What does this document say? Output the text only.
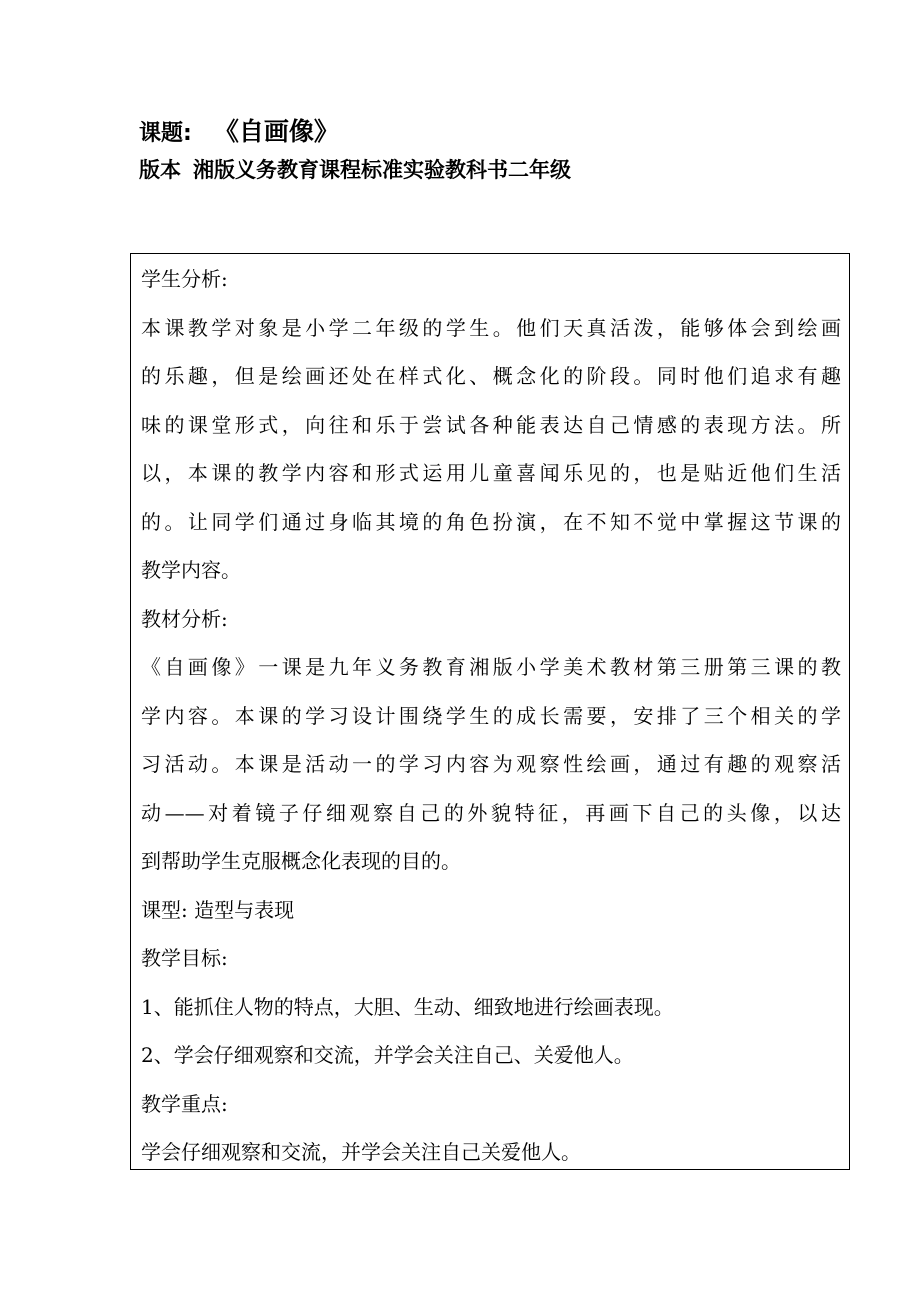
课题: 《自画像》
版本 湘版义务教育课程标准实验教科书二年级
学生分析:
本课教学对象是小学二年级的学生。他们天真活泼，能够体会到绘画
的乐趣，但是绘画还处在样式化、概念化的阶段。同时他们追求有趣
味的课堂形式，向往和乐于尝试各种能表达自己情感的表现方法。所
以，本课的教学内容和形式运用儿童喜闻乐见的，也是贴近他们生活
的。让同学们通过身临其境的角色扮演，在不知不觉中掌握这节课的
教学内容。
教材分析:
《自画像》一课是九年义务教育湘版小学美术教材第三册第三课的教
学内容。本课的学习设计围绕学生的成长需要，安排了三个相关的学
习活动。本课是活动一的学习内容为观察性绘画，通过有趣的观察活
动——对着镜子仔细观察自己的外貌特征，再画下自己的头像，以达
到帮助学生克服概念化表现的目的。
课型: 造型与表现
教学目标:
1、能抓住人物的特点，大胆、生动、细致地进行绘画表现。
2、学会仔细观察和交流，并学会关注自己、关爱他人。
教学重点:
学会仔细观察和交流，并学会关注自己关爱他人。
